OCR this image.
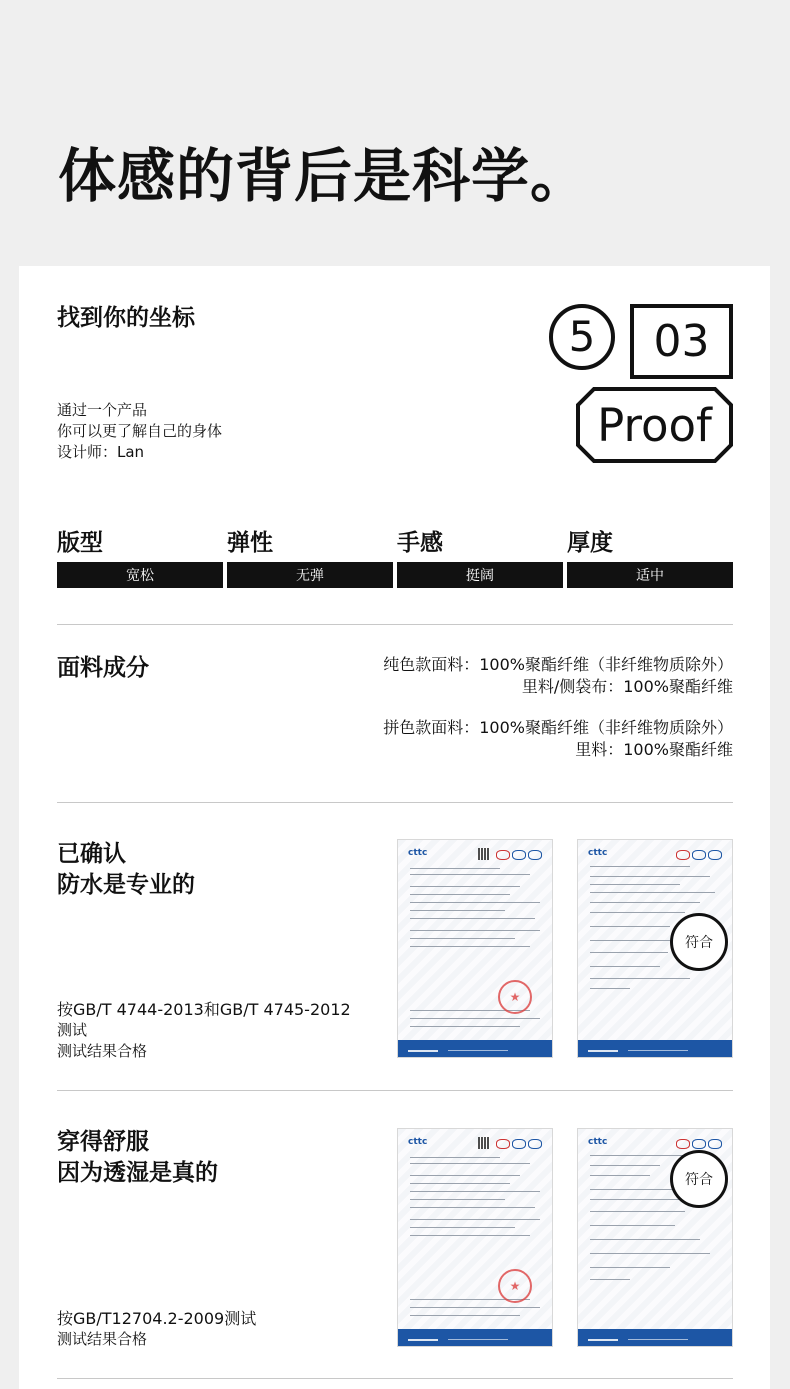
体感的背后是科学。
找到你的坐标
通过一个产品
你可以更了解自己的身体
设计师：Lan
5	03
Proof
版型
宽松
弹性
无弹
手感
挺阔
厚度
适中
面料成分	纯色款面料：100%聚酯纤维（非纤维物质除外）
里料/侧袋布：100%聚酯纤维
拼色款面料：100%聚酯纤维（非纤维物质除外）
里料：100%聚酯纤维
已确认
防水是专业的
按GB/T 4744-2013和GB/T 4745-2012
测试
测试结果合格
cttc
★
cttc
符合
穿得舒服
因为透湿是真的
按GB/T12704.2-2009测试
测试结果合格
cttc
★
cttc
符合
